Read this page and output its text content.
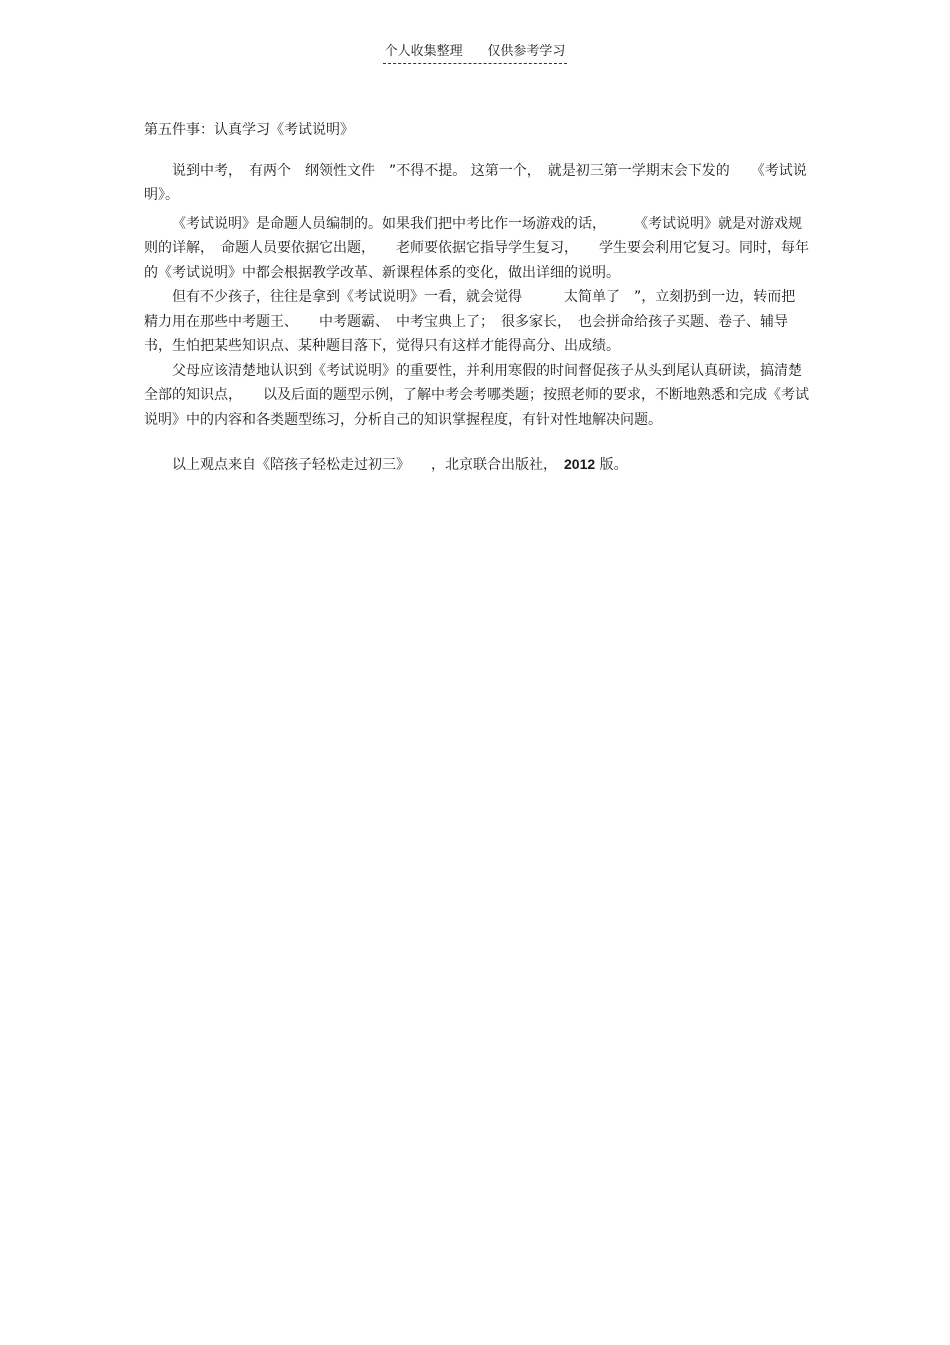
个人收集整理 仅供参考学习

第五件事：认真学习《考试说明》

说到中考，　有两个　纲领性文件　”不得不提。 这第一个，　就是初三第一学期末会下发的　　《考试说明》。

《考试说明》是命题人员编制的。如果我们把中考比作一场游戏的话，　　　《考试说明》就是对游戏规则的详解，　命题人员要依据它出题，　　老师要依据它指导学生复习，　　学生要会利用它复习。同时，每年的《考试说明》中都会根据教学改革、新课程体系的变化，做出详细的说明。

但有不少孩子，往往是拿到《考试说明》一看，就会觉得　　　太简单了　”，立刻扔到一边，转而把精力用在那些中考题王、　　中考题霸、　中考宝典上了；　很多家长，　也会拼命给孩子买题、卷子、辅导书，生怕把某些知识点、某种题目落下，觉得只有这样才能得高分、出成绩。

父母应该清楚地认识到《考试说明》的重要性，并利用寒假的时间督促孩子从头到尾认真研读，搞清楚全部的知识点，　　以及后面的题型示例，了解中考会考哪类题；按照老师的要求，不断地熟悉和完成《考试说明》中的内容和各类题型练习，分析自己的知识掌握程度，有针对性地解决问题。

以上观点来自《陪孩子轻松走过初三》　　，北京联合出版社，　2012 版。
